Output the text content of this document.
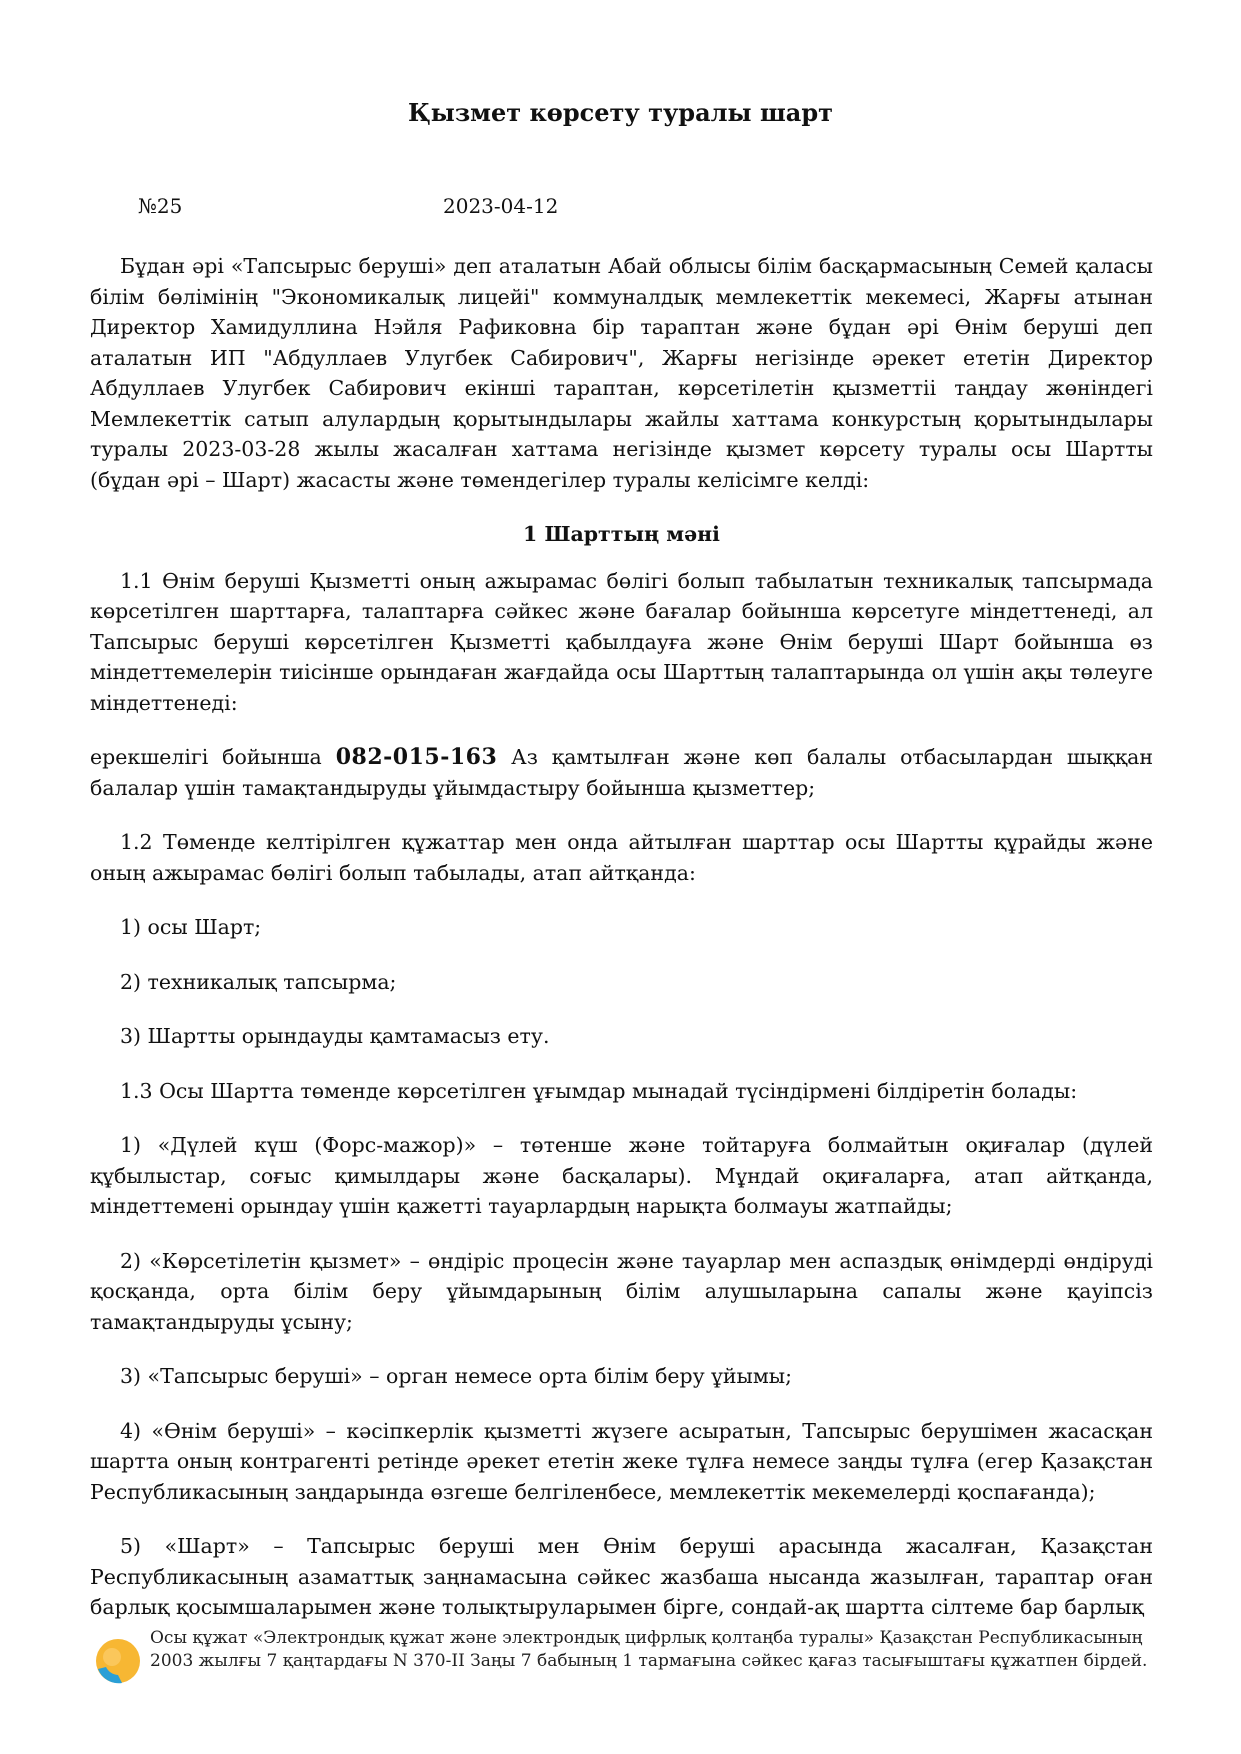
Қызмет көрсету туралы шарт
№25	2023-04-12

Бұдан әрі «Тапсырыс беруші» деп аталатын Абай облысы білім басқармасының Семей қаласы білім бөлімінің "Экономикалық лицейі" коммуналдық мемлекеттік мекемесі, Жарғы атынан Директор Хамидуллина Нэйля Рафиковна бір тараптан және бұдан әрі Өнім беруші деп аталатын ИП "Абдуллаев Улугбек Сабирович", Жарғы негізінде әрекет ететін Директор Абдуллаев Улугбек Сабирович екінші тараптан, көрсетілетін қызметтіі таңдау жөніндегі Мемлекеттік сатып алулардың қорытындылары жайлы хаттама конкурстың қорытындылары туралы 2023-03-28 жылы жасалған хаттама негізінде қызмет көрсету туралы осы Шартты (бұдан әрі – Шарт) жасасты және төмендегілер туралы келісімге келді:

1 Шарттың мәні

1.1 Өнім беруші Қызметті оның ажырамас бөлігі болып табылатын техникалық тапсырмада көрсетілген шарттарға, талаптарға сәйкес және бағалар бойынша көрсетуге міндеттенеді, ал Тапсырыс беруші көрсетілген Қызметті қабылдауға және Өнім беруші Шарт бойынша өз міндеттемелерін тиісінше орындаған жағдайда осы Шарттың талаптарында ол үшін ақы төлеуге міндеттенеді:

ерекшелігі бойынша 082-015-163 Аз қамтылған және көп балалы отбасылардан шыққан балалар үшін тамақтандыруды ұйымдастыру бойынша қызметтер;

1.2 Төменде келтірілген құжаттар мен онда айтылған шарттар осы Шартты құрайды және оның ажырамас бөлігі болып табылады, атап айтқанда:

1) осы Шарт;

2) техникалық тапсырма;

3) Шартты орындауды қамтамасыз ету.

1.3 Осы Шартта төменде көрсетілген ұғымдар мынадай түсіндірмені білдіретін болады:

1) «Дүлей күш (Форс-мажор)» – төтенше және тойтаруға болмайтын оқиғалар (дүлей құбылыстар, соғыс қимылдары және басқалары). Мұндай оқиғаларға, атап айтқанда, міндеттемені орындау үшін қажетті тауарлардың нарықта болмауы жатпайды;

2) «Көрсетілетін қызмет» – өндіріс процесін және тауарлар мен аспаздық өнімдерді өндіруді қосқанда, орта білім беру ұйымдарының білім алушыларына сапалы және қауіпсіз тамақтандыруды ұсыну;

3) «Тапсырыс беруші» – орган немесе орта білім беру ұйымы;

4) «Өнім беруші» – кәсіпкерлік қызметті жүзеге асыратын, Тапсырыс берушімен жасасқан шартта оның контрагенті ретінде әрекет ететін жеке тұлға немесе заңды тұлға (егер Қазақстан Республикасының заңдарында өзгеше белгіленбесе, мемлекеттік мекемелерді қоспағанда);

5) «Шарт» – Тапсырыс беруші мен Өнім беруші арасында жасалған, Қазақстан Республикасының азаматтық заңнамасына сәйкес жазбаша нысанда жазылған, тараптар оған барлық қосымшаларымен және толықтыруларымен бірге, сондай-ақ шартта сілтеме бар барлық

Осы құжат «Электрондық құжат және электрондық цифрлық қолтаңба туралы» Қазақстан Республикасының 2003 жылғы 7 қаңтардағы N 370-II Заңы 7 бабының 1 тармағына сәйкес қағаз тасығыштағы құжатпен бірдей.
